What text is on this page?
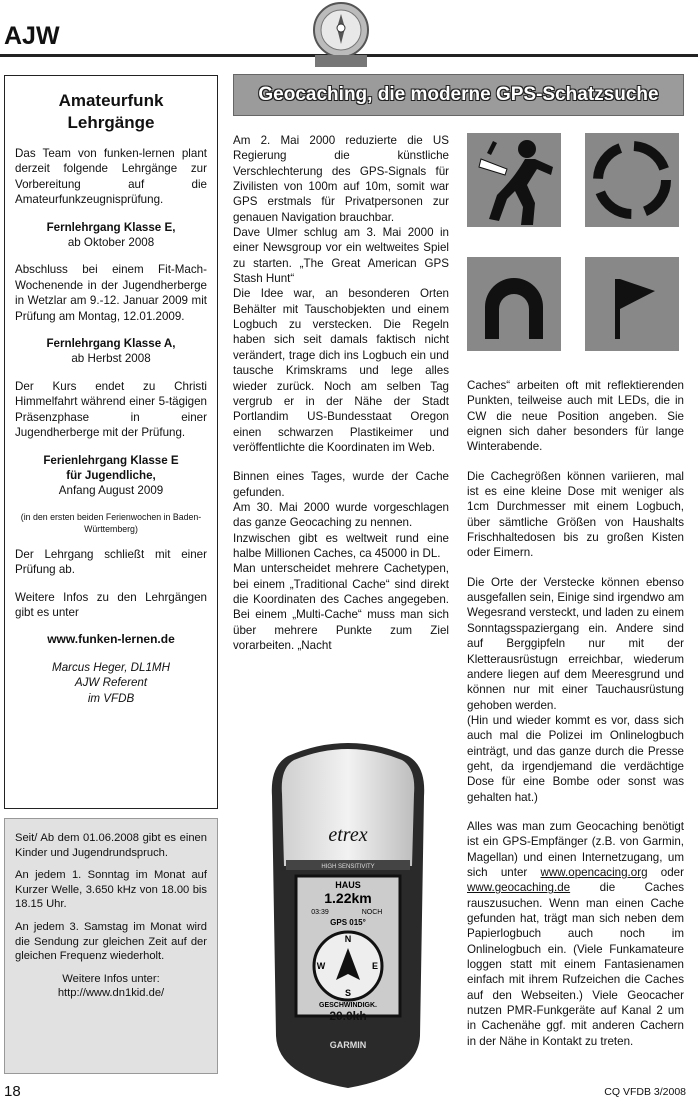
AJW
Amateurfunk Lehrgänge

Das Team von funken-lernen plant derzeit folgende Lehrgänge zur Vorbereitung auf die Amateurfunkzeugnisprüfung.

Fernlehrgang Klasse E,
ab Oktober 2008

Abschluss bei einem Fit-Mach-Wochenende in der Jugendherberge in Wetzlar am 9.-12. Januar 2009 mit Prüfung am Montag, 12.01.2009.

Fernlehrgang Klasse A,
ab Herbst 2008

Der Kurs endet zu Christi Himmelfahrt während einer 5-tägigen Präsenzphase in einer Jugendherberge mit der Prüfung.

Ferienlehrgang Klasse E
für Jugendliche,
Anfang August 2009

(in den ersten beiden Ferienwochen in Baden-Württemberg)

Der Lehrgang schließt mit einer Prüfung ab.

Weitere Infos zu den Lehrgängen gibt es unter

www.funken-lernen.de

Marcus Heger, DL1MH
AJW Referent
im VFDB

Seit/ Ab dem 01.06.2008 gibt es einen Kinder und Jugendrundspruch.

An jedem 1. Sonntag im Monat auf Kurzer Welle, 3.650 kHz von 18.00 bis 18.15 Uhr.

An jedem 3. Samstag im Monat wird die Sendung zur gleichen Zeit auf der gleichen Frequenz wiederholt.

Weitere Infos unter:

http://www.dn1kid.de/

Geocaching, die moderne GPS-Schatzsuche

Am 2. Mai 2000 reduzierte die US Regierung die künstliche Verschlechterung des GPS-Signals für Zivilisten von 100m auf 10m, somit war GPS erstmals für Privatpersonen zur genauen Navigation brauchbar.

Dave Ulmer schlug am 3. Mai 2000 in einer Newsgroup vor ein weltweites Spiel zu starten. „The Great American GPS Stash Hunt“

Die Idee war, an besonderen Orten Behälter mit Tauschobjekten und einem Logbuch zu verstecken. Die Regeln haben sich seit damals faktisch nicht verändert, trage dich ins Logbuch ein und tausche Krimskrams und lege alles wieder zurück. Noch am selben Tag vergrub er in der Nähe der Stadt Portlandim US-Bundesstaat Oregon einen schwarzen Plastikeimer und veröffentlichte die Koordinaten im Web.

Binnen eines Tages, wurde der Cache gefunden.

Am 30. Mai 2000 wurde vorgeschlagen das ganze Geocaching zu nennen.

Inzwischen gibt es weltweit rund eine halbe Millionen Caches, ca 45000 in DL.

Man unterscheidet mehrere Cachetypen, bei einem „Traditional Cache“ sind direkt die Koordinaten des Caches angegeben. Bei einem „Multi-Cache“ muss man sich über mehrere Punkte zum Ziel vorarbeiten. „Nacht

Caches“ arbeiten oft mit reflektierenden Punkten, teilweise auch mit LEDs, die in CW die neue Position angeben. Sie eignen sich daher besonders für lange Winterabende.

Die Cachegrößen können variieren, mal ist es eine kleine Dose mit weniger als 1cm Durchmesser mit einem Logbuch, über sämtliche Größen von Haushalts Frischhaltedosen bis zu großen Kisten oder Eimern.

Die Orte der Verstecke können ebenso ausgefallen sein, Einige sind irgendwo am Wegesrand versteckt, und laden zu einem Sonntagsspaziergang ein. Andere sind auf Berggipfeln nur mit der Kletterausrüstugn erreichbar, wiederum andere liegen auf dem Meeresgrund und können nur mit einer Tauchausrüstung gehoben werden.

(Hin und wieder kommt es vor, dass sich auch mal die Polizei im Onlinelogbuch einträgt, und das ganze durch die Presse geht, da irgendjemand die verdächtige Dose für eine Bombe oder sonst was gehalten hat.)

Alles was man zum Geocaching benötigt ist ein GPS-Empfänger (z.B. von Garmin, Magellan) und einen Internetzugang, um sich unter www.opencacing.org oder www.geocaching.de	die Caches rauszusuchen. Wenn man einen Cache gefunden hat, trägt man sich neben dem Papierlogbuch auch noch im Onlinelogbuch ein. (Viele Funkamateure loggen statt mit einem Fantasienamen einfach mit ihrem Rufzeichen die Caches auf den Webseiten.) Viele Geocacher nutzen PMR-Funkgeräte auf Kanal 2 um in Cachenähe ggf. mit anderen Cachern in der Nähe in Kontakt zu treten.

etrex
HIGH SENSITIVITY
HAUS
1.22km
03:39	NOCH
GPS 015°
N
E
S
W
GESCHWINDIGK.
20.0kh
GARMIN
18	CQ VFDB 3/2008
